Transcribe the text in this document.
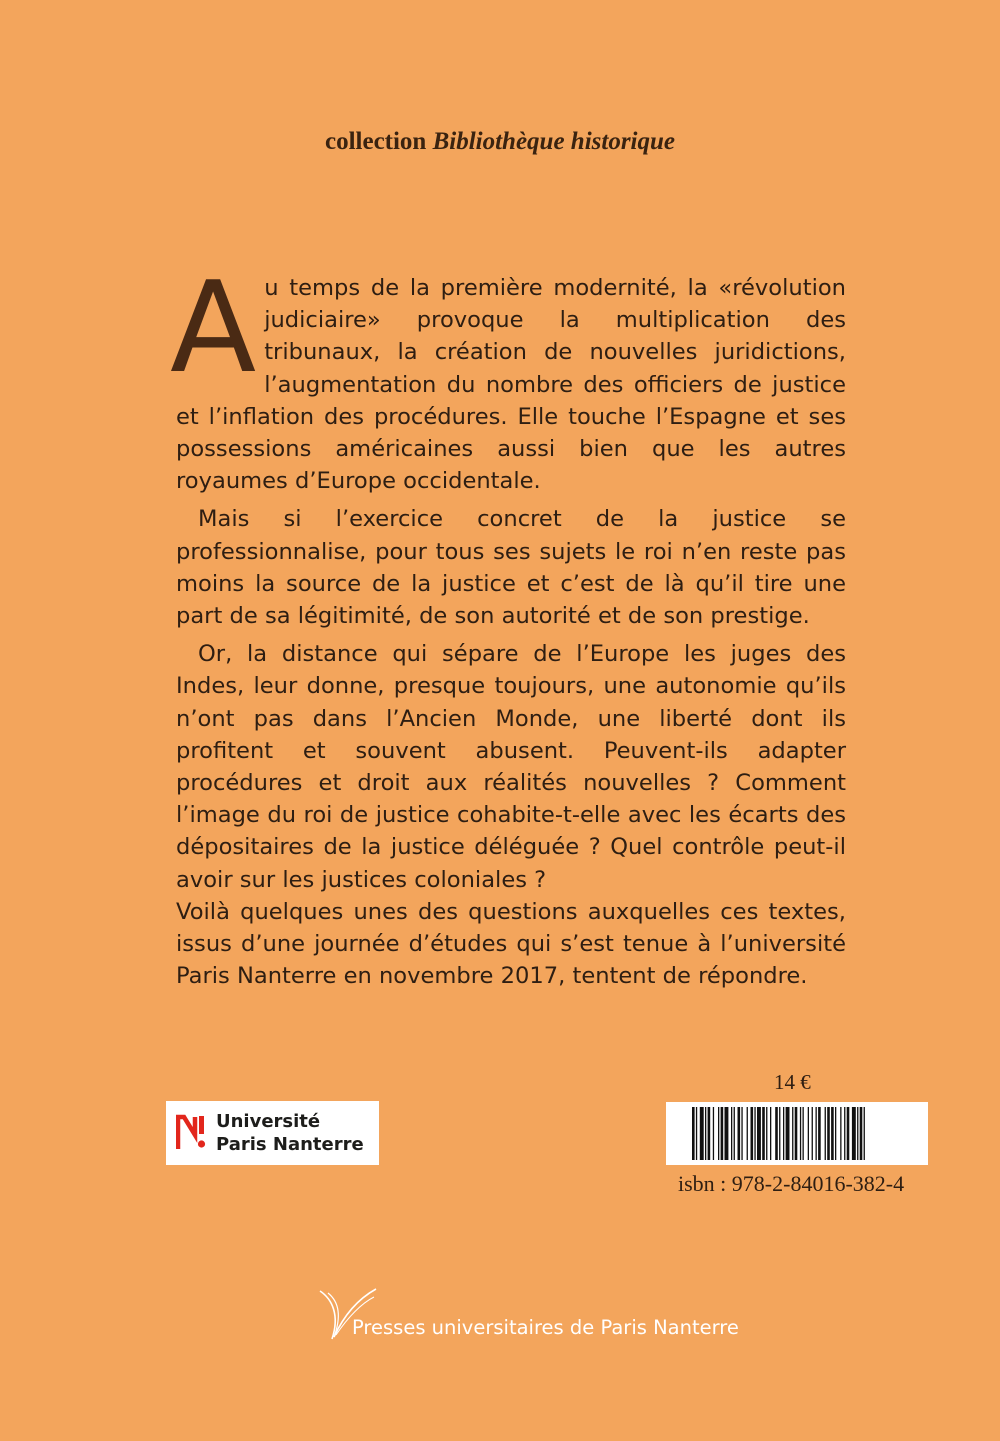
collection Bibliothèque historique

Au temps de la première modernité, la «révolution judiciaire» provoque la multiplication des tribunaux, la création de nouvelles juridictions, l’augmentation du nombre des officiers de justice et l’inflation des procédures. Elle touche l’Espagne et ses possessions américaines aussi bien que les autres royaumes d’Europe occidentale.

Mais si l’exercice concret de la justice se professionnalise, pour tous ses sujets le roi n’en reste pas moins la source de la justice et c’est de là qu’il tire une part de sa légitimité, de son autorité et de son prestige.

Or, la distance qui sépare de l’Europe les juges des Indes, leur donne, presque toujours, une autonomie qu’ils n’ont pas dans l’Ancien Monde, une liberté dont ils profitent et souvent abusent. Peuvent-ils adapter procédures et droit aux réalités nouvelles ? Comment l’image du roi de justice cohabite-t-elle avec les écarts des dépositaires de la justice déléguée ? Quel contrôle peut-il avoir sur les justices coloniales ?

Voilà quelques unes des questions auxquelles ces textes, issus d’une journée d’études qui s’est tenue à l’université Paris Nanterre en novembre 2017, tentent de répondre.

Université
Paris Nanterre
14 €
isbn : 978-2-84016-382-4
Presses universitaires de Paris Nanterre
